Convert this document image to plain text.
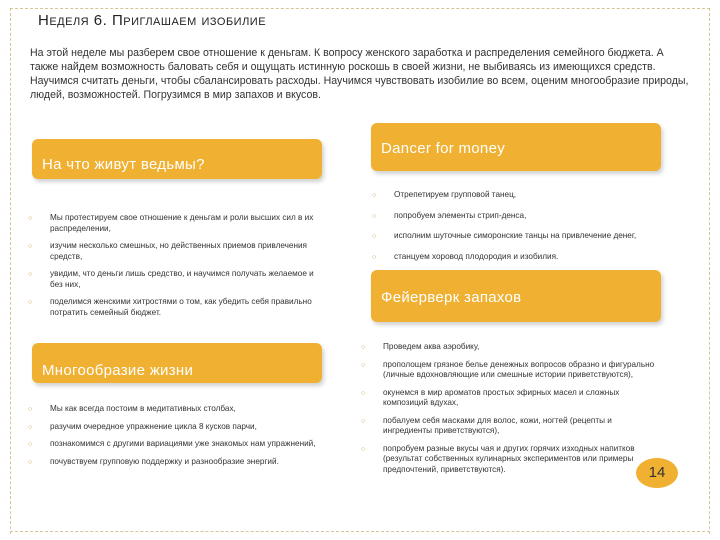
Неделя 6. Приглашаем изобилие
На этой неделе мы разберем свое отношение к деньгам. К вопросу женского заработка и распределения семейного бюджета. А также найдем возможность баловать себя и ощущать истинную роскошь в своей жизни, не выбиваясь из имеющихся средств. Научимся считать деньги, чтобы сбалансировать расходы. Научимся чувствовать изобилие во всем, оценим многообразие природы, людей, возможностей. Погрузимся в мир запахов и вкусов.
На что живут ведьмы?
○ Мы протестируем свое отношение к деньгам и роли высших сил в их распределении,
○ изучим несколько смешных, но действенных приемов привлечения средств,
○ увидим, что деньги лишь средство, и научимся получать желаемое и без них,
○ поделимся женскими хитростями о том, как убедить себя правильно потратить семейный бюджет.
Многообразие жизни
○ Мы как всегда постоим в медитативных столбах,
○ разучим очередное упражнение цикла 8 кусков парчи,
○ познакомимся с другими вариациями уже знакомых нам упражнений,
○ почувствуем групповую поддержку и разнообразие энергий.
Dancer for money
○ Отрепетируем групповой танец,
○ попробуем элементы стрип-денса,
○ исполним шуточные симоронские танцы на привлечение денег,
○ станцуем хоровод плодородия и изобилия.
Фейерверк запахов
○ Проведем аква аэробику,
○ прополощем грязное белье денежных вопросов образно и фигурально (личные вдохновляющие или смешные истории приветствуются),
○ окунемся в мир ароматов простых эфирных масел и сложных композиций вдухах,
○ побалуем себя масками для волос, кожи, ногтей (рецепты и ингредиенты приветствуются),
○ попробуем разные вкусы чая и других горячих изходных напитков (результат собственных кулинарных экспериментов или примеры предпочтений, приветствуются).	14
